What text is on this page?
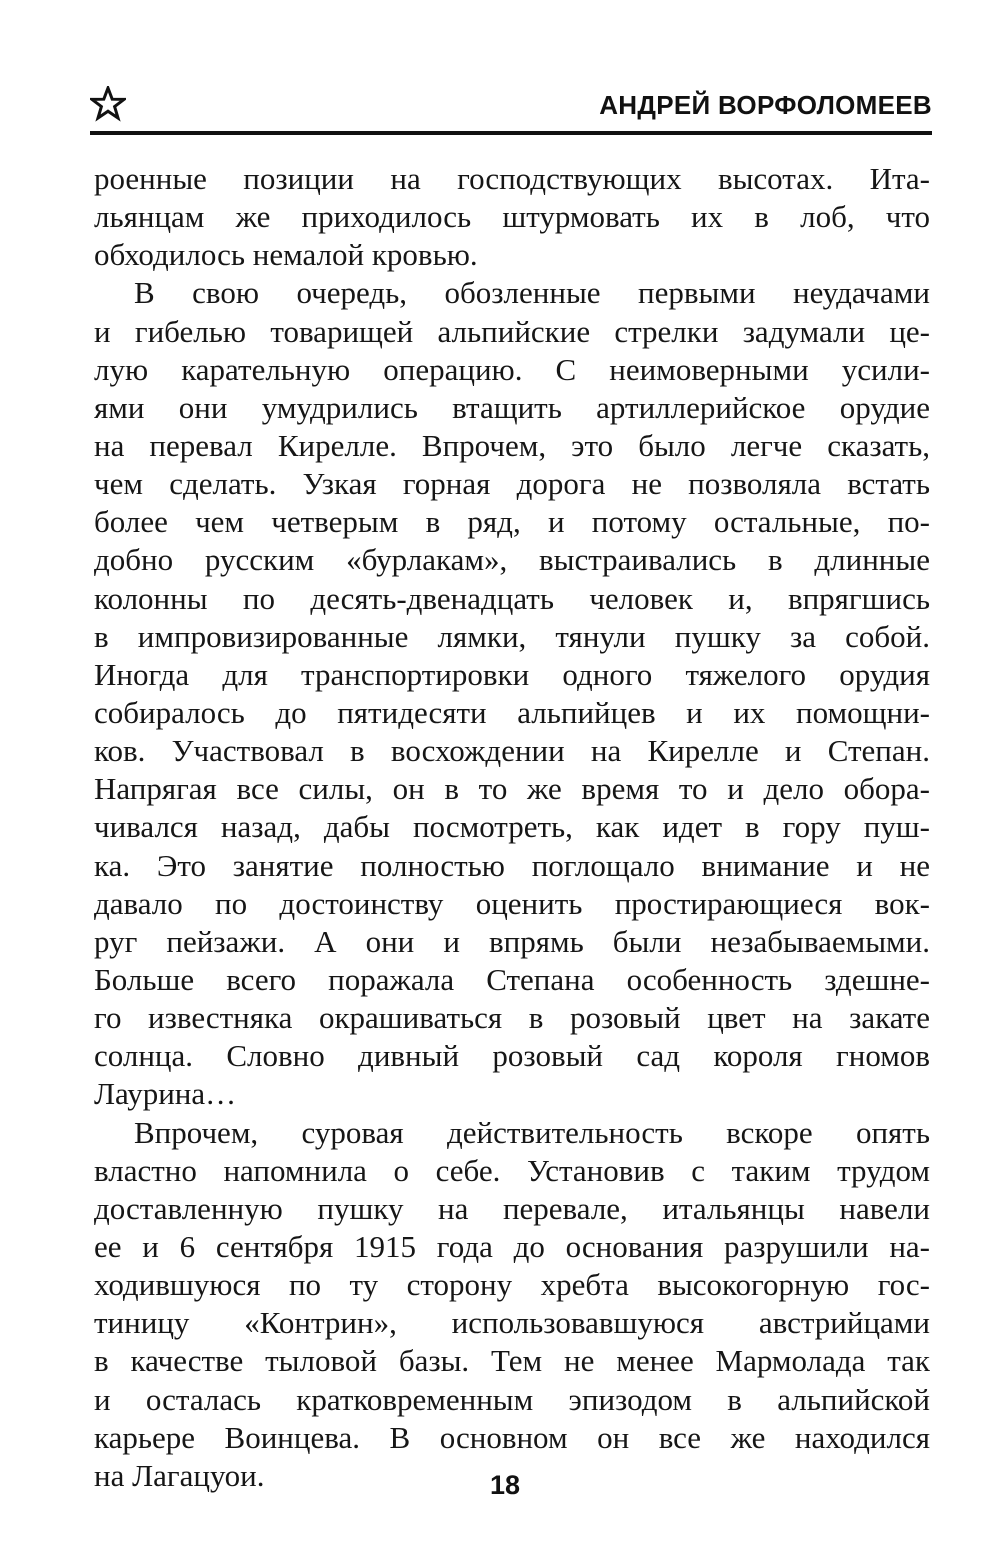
АНДРЕЙ ВОРФОЛОМЕЕВ
роенные позиции на господствующих высотах. Ита-
льянцам же приходилось штурмовать их в лоб, что
обходилось немалой кровью.
В свою очередь, обозленные первыми неудачами
и гибелью товарищей альпийские стрелки задумали це-
лую карательную операцию. С неимоверными усили-
ями они умудрились втащить артиллерийское орудие
на перевал Кирелле. Впрочем, это было легче сказать,
чем сделать. Узкая горная дорога не позволяла встать
более чем четверым в ряд, и потому остальные, по-
добно русским «бурлакам», выстраивались в длинные
колонны по десять-двенадцать человек и, впрягшись
в импровизированные лямки, тянули пушку за собой.
Иногда для транспортировки одного тяжелого орудия
собиралось до пятидесяти альпийцев и их помощни-
ков. Участвовал в восхождении на Кирелле и Степан.
Напрягая все силы, он в то же время то и дело обора-
чивался назад, дабы посмотреть, как идет в гору пуш-
ка. Это занятие полностью поглощало внимание и не
давало по достоинству оценить простирающиеся вок-
руг пейзажи. А они и впрямь были незабываемыми.
Больше всего поражала Степана особенность здешне-
го известняка окрашиваться в розовый цвет на закате
солнца. Словно дивный розовый сад короля гномов
Лаурина…
Впрочем, суровая действительность вскоре опять
властно напомнила о себе. Установив с таким трудом
доставленную пушку на перевале, итальянцы навели
ее и 6 сентября 1915 года до основания разрушили на-
ходившуюся по ту сторону хребта высокогорную гос-
тиницу «Контрин», использовавшуюся австрийцами
в качестве тыловой базы. Тем не менее Мармолада так
и осталась кратковременным эпизодом в альпийской
карьере Воинцева. В основном он все же находился
на Лагацуои.	18
